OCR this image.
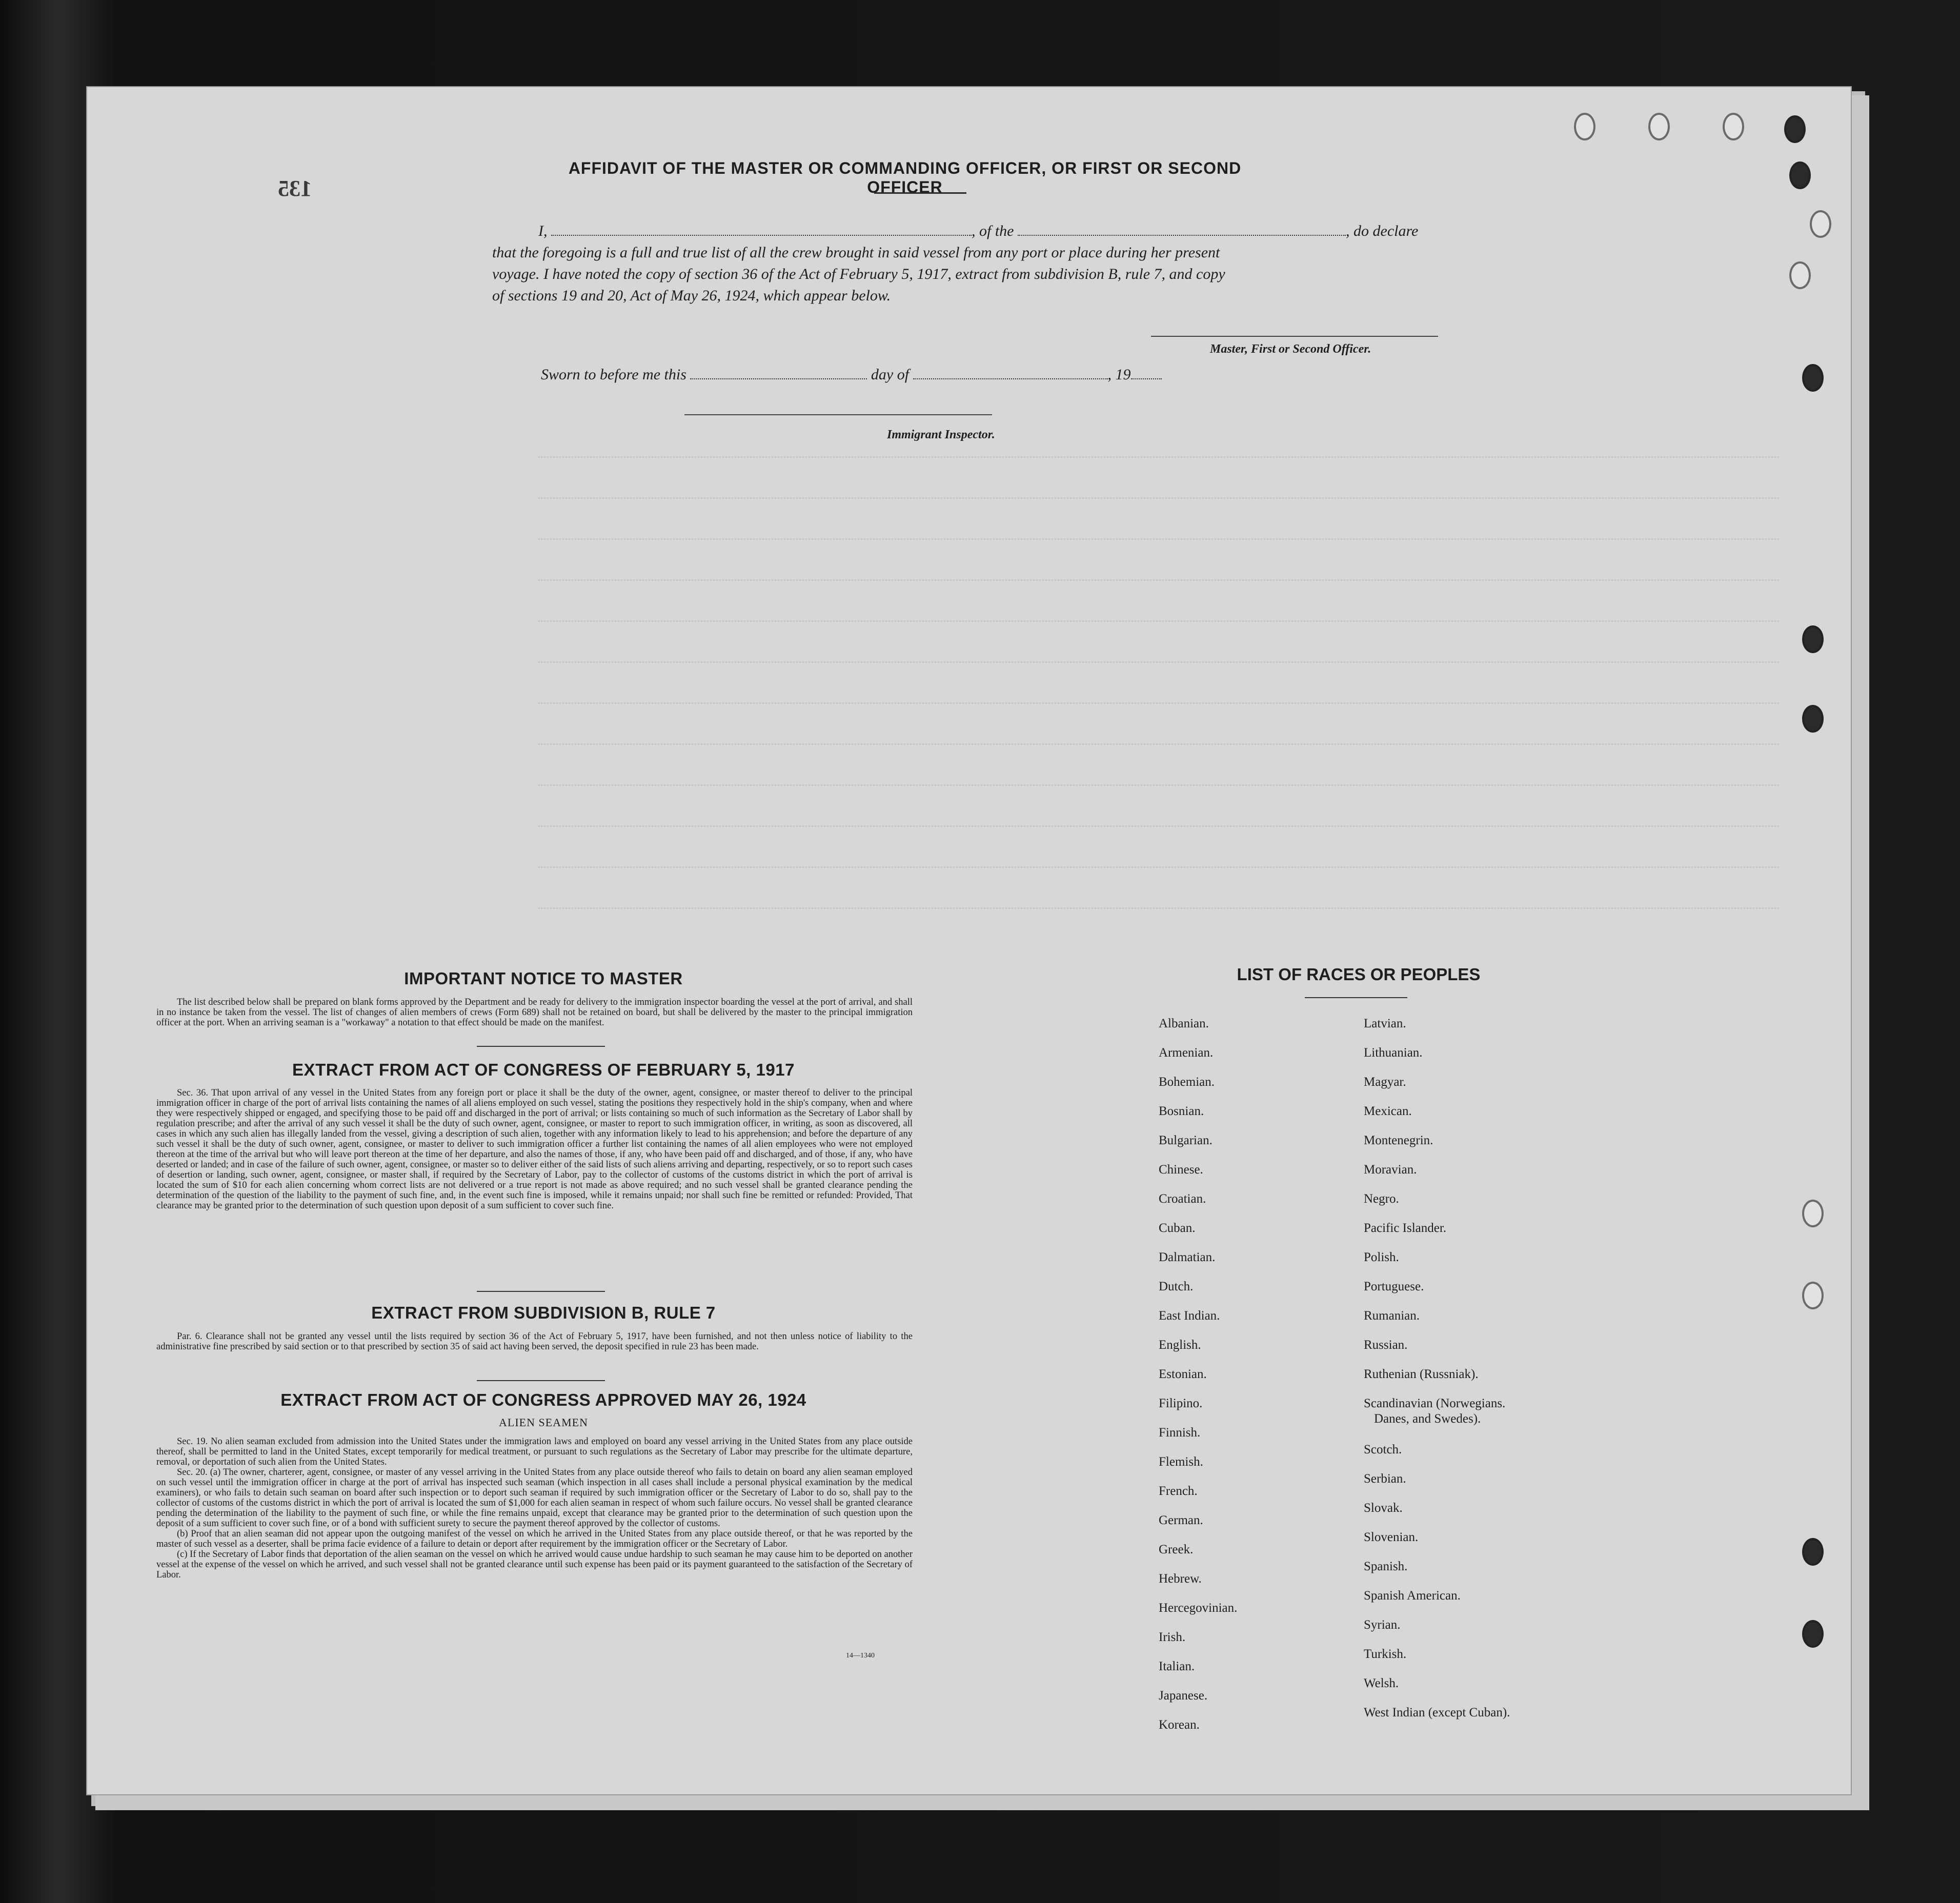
135
AFFIDAVIT OF THE MASTER OR COMMANDING OFFICER, OR FIRST OR SECOND OFFICER
I,	, of the	, do declare
that the foregoing is a full and true list of all the crew brought in said vessel from any port or place during her present
voyage. I have noted the copy of section 36 of the Act of February 5, 1917, extract from subdivision B, rule 7, and copy
of sections 19 and 20, Act of May 26, 1924, which appear below.
Master, First or Second Officer.
Sworn to before me this	day of	, 19
Immigrant Inspector.
IMPORTANT NOTICE TO MASTER

The list described below shall be prepared on blank forms approved by the Department and be ready for delivery to the immigration inspector boarding the vessel at the port of arrival, and shall in no instance be taken from the vessel. The list of changes of alien members of crews (Form 689) shall not be retained on board, but shall be delivered by the master to the principal immigration officer at the port. When an arriving seaman is a "workaway" a notation to that effect should be made on the manifest.

EXTRACT FROM ACT OF CONGRESS OF FEBRUARY 5, 1917

Sec. 36. That upon arrival of any vessel in the United States from any foreign port or place it shall be the duty of the owner, agent, consignee, or master thereof to deliver to the principal immigration officer in charge of the port of arrival lists containing the names of all aliens employed on such vessel, stating the positions they respectively hold in the ship's company, when and where they were respectively shipped or engaged, and specifying those to be paid off and discharged in the port of arrival; or lists containing so much of such information as the Secretary of Labor shall by regulation prescribe; and after the arrival of any such vessel it shall be the duty of such owner, agent, consignee, or master to report to such immigration officer, in writing, as soon as discovered, all cases in which any such alien has illegally landed from the vessel, giving a description of such alien, together with any information likely to lead to his apprehension; and before the departure of any such vessel it shall be the duty of such owner, agent, consignee, or master to deliver to such immigration officer a further list containing the names of all alien employees who were not employed thereon at the time of the arrival but who will leave port thereon at the time of her departure, and also the names of those, if any, who have been paid off and discharged, and of those, if any, who have deserted or landed; and in case of the failure of such owner, agent, consignee, or master so to deliver either of the said lists of such aliens arriving and departing, respectively, or so to report such cases of desertion or landing, such owner, agent, consignee, or master shall, if required by the Secretary of Labor, pay to the collector of customs of the customs district in which the port of arrival is located the sum of $10 for each alien concerning whom correct lists are not delivered or a true report is not made as above required; and no such vessel shall be granted clearance pending the determination of the question of the liability to the payment of such fine, and, in the event such fine is imposed, while it remains unpaid; nor shall such fine be remitted or refunded: Provided, That clearance may be granted prior to the determination of such question upon deposit of a sum sufficient to cover such fine.

EXTRACT FROM SUBDIVISION B, RULE 7

Par. 6. Clearance shall not be granted any vessel until the lists required by section 36 of the Act of February 5, 1917, have been furnished, and not then unless notice of liability to the administrative fine prescribed by said section or to that prescribed by section 35 of said act having been served, the deposit specified in rule 23 has been made.

EXTRACT FROM ACT OF CONGRESS APPROVED MAY 26, 1924
ALIEN SEAMEN

Sec. 19. No alien seaman excluded from admission into the United States under the immigration laws and employed on board any vessel arriving in the United States from any place outside thereof, shall be permitted to land in the United States, except temporarily for medical treatment, or pursuant to such regulations as the Secretary of Labor may prescribe for the ultimate departure, removal, or deportation of such alien from the United States.

Sec. 20. (a) The owner, charterer, agent, consignee, or master of any vessel arriving in the United States from any place outside thereof who fails to detain on board any alien seaman employed on such vessel until the immigration officer in charge at the port of arrival has inspected such seaman (which inspection in all cases shall include a personal physical examination by the medical examiners), or who fails to detain such seaman on board after such inspection or to deport such seaman if required by such immigration officer or the Secretary of Labor to do so, shall pay to the collector of customs of the customs district in which the port of arrival is located the sum of $1,000 for each alien seaman in respect of whom such failure occurs. No vessel shall be granted clearance pending the determination of the liability to the payment of such fine, or while the fine remains unpaid, except that clearance may be granted prior to the determination of such question upon the deposit of a sum sufficient to cover such fine, or of a bond with sufficient surety to secure the payment thereof approved by the collector of customs.

(b) Proof that an alien seaman did not appear upon the outgoing manifest of the vessel on which he arrived in the United States from any place outside thereof, or that he was reported by the master of such vessel as a deserter, shall be prima facie evidence of a failure to detain or deport after requirement by the immigration officer or the Secretary of Labor.

(c) If the Secretary of Labor finds that deportation of the alien seaman on the vessel on which he arrived would cause undue hardship to such seaman he may cause him to be deported on another vessel at the expense of the vessel on which he arrived, and such vessel shall not be granted clearance until such expense has been paid or its payment guaranteed to the satisfaction of the Secretary of Labor.

14—1340
LIST OF RACES OR PEOPLES
Albanian.
Armenian.
Bohemian.
Bosnian.
Bulgarian.
Chinese.
Croatian.
Cuban.
Dalmatian.
Dutch.
East Indian.
English.
Estonian.
Filipino.
Finnish.
Flemish.
French.
German.
Greek.
Hebrew.
Hercegovinian.
Irish.
Italian.
Japanese.
Korean.
Latvian.
Lithuanian.
Magyar.
Mexican.
Montenegrin.
Moravian.
Negro.
Pacific Islander.
Polish.
Portuguese.
Rumanian.
Russian.
Ruthenian (Russniak).
Scandinavian (Norwegians.
Danes, and Swedes).
Scotch.
Serbian.
Slovak.
Slovenian.
Spanish.
Spanish American.
Syrian.
Turkish.
Welsh.
West Indian (except Cuban).
